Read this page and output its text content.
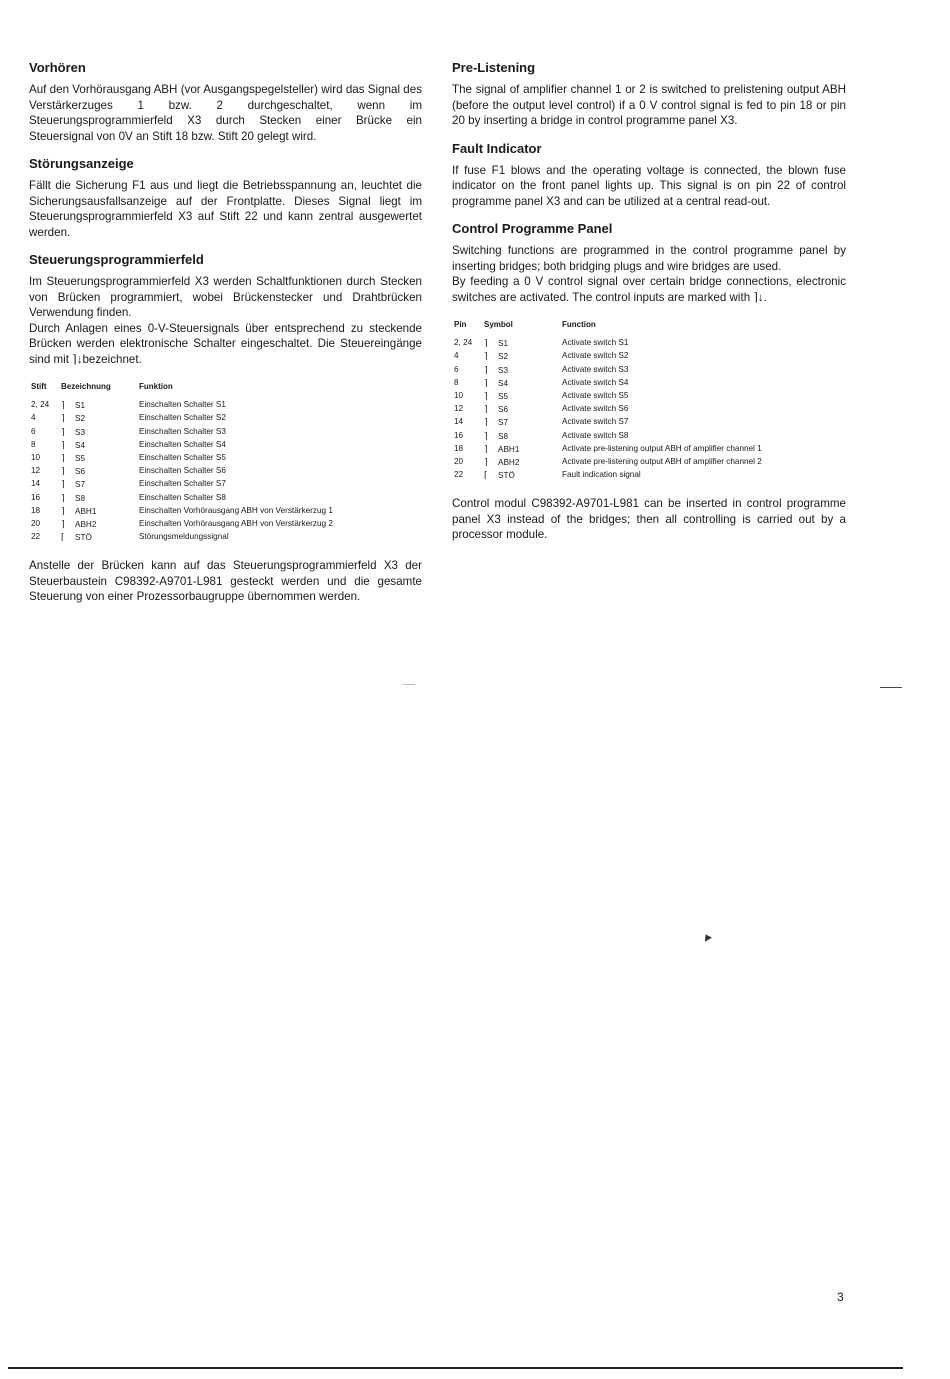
Vorhören

Auf den Vorhörausgang ABH (vor Ausgangspegelsteller) wird das Signal des Verstärkerzuges 1 bzw. 2 durchgeschaltet, wenn im Steuerungsprogrammierfeld X3 durch Stecken einer Brücke ein Steuersignal von 0V an Stift 18 bzw. Stift 20 gelegt wird.

Störungsanzeige

Fällt die Sicherung F1 aus und liegt die Betriebsspannung an, leuchtet die Sicherungsausfallsanzeige auf der Frontplatte. Dieses Signal liegt im Steuerungsprogrammierfeld X3 auf Stift 22 und kann zentral ausgewertet werden.

Steuerungsprogrammierfeld

Im Steuerungsprogrammierfeld X3 werden Schaltfunktionen durch Stecken von Brücken programmiert, wobei Brückenstecker und Drahtbrücken Verwendung finden.

Durch Anlagen eines 0-V-Steuersignals über entsprechend zu steckende Brücken werden elektronische Schalter eingeschaltet. Die Steuereingänge sind mit ⌉↓bezeichnet.

Stift	Bezeichnung	Funktion
2, 24	⌉ S1	Einschalten Schalter S1
4	⌉ S2	Einschalten Schalter S2
6	⌉ S3	Einschalten Schalter S3
8	⌉ S4	Einschalten Schalter S4
10	⌉ S5	Einschalten Schalter S5
12	⌉ S6	Einschalten Schalter S6
14	⌉ S7	Einschalten Schalter S7
16	⌉ S8	Einschalten Schalter S8
18	⌉ ABH1	Einschalten Vorhörausgang ABH von Verstärkerzug 1
20	⌉ ABH2	Einschalten Vorhörausgang ABH von Verstärkerzug 2
22	⌈ STÖ	Störungsmeldungssignal

Anstelle der Brücken kann auf das Steuerungsprogrammierfeld X3 der Steuerbaustein C98392-A9701-L981 gesteckt werden und die gesamte Steuerung von einer Prozessorbaugruppe übernommen werden.

Pre-Listening

The signal of amplifier channel 1 or 2 is switched to prelistening output ABH (before the output level control) if a 0 V control signal is fed to pin 18 or pin 20 by inserting a bridge in control programme panel X3.

Fault Indicator

If fuse F1 blows and the operating voltage is connected, the blown fuse indicator on the front panel lights up. This signal is on pin 22 of control programme panel X3 and can be utilized at a central read-out.

Control Programme Panel

Switching functions are programmed in the control programme panel by inserting bridges; both bridging plugs and wire bridges are used.

By feeding a 0 V control signal over certain bridge connections, electronic switches are activated. The control inputs are marked with ⌉↓.

Pin	Symbol	Function
2, 24	⌉ S1	Activate switch S1
4	⌉ S2	Activate switch S2
6	⌉ S3	Activate switch S3
8	⌉ S4	Activate switch S4
10	⌉ S5	Activate switch S5
12	⌉ S6	Activate switch S6
14	⌉ S7	Activate switch S7
16	⌉ S8	Activate switch S8
18	⌉ ABH1	Activate pre-listening output ABH of amplifier channel 1
20	⌉ ABH2	Activate pre-listening output ABH of amplifier channel 2
22	⌈ STÖ	Fault indication signal

Control modul C98392-A9701-L981 can be inserted in control programme panel X3 instead of the bridges; then all controlling is carried out by a processor module.

3
